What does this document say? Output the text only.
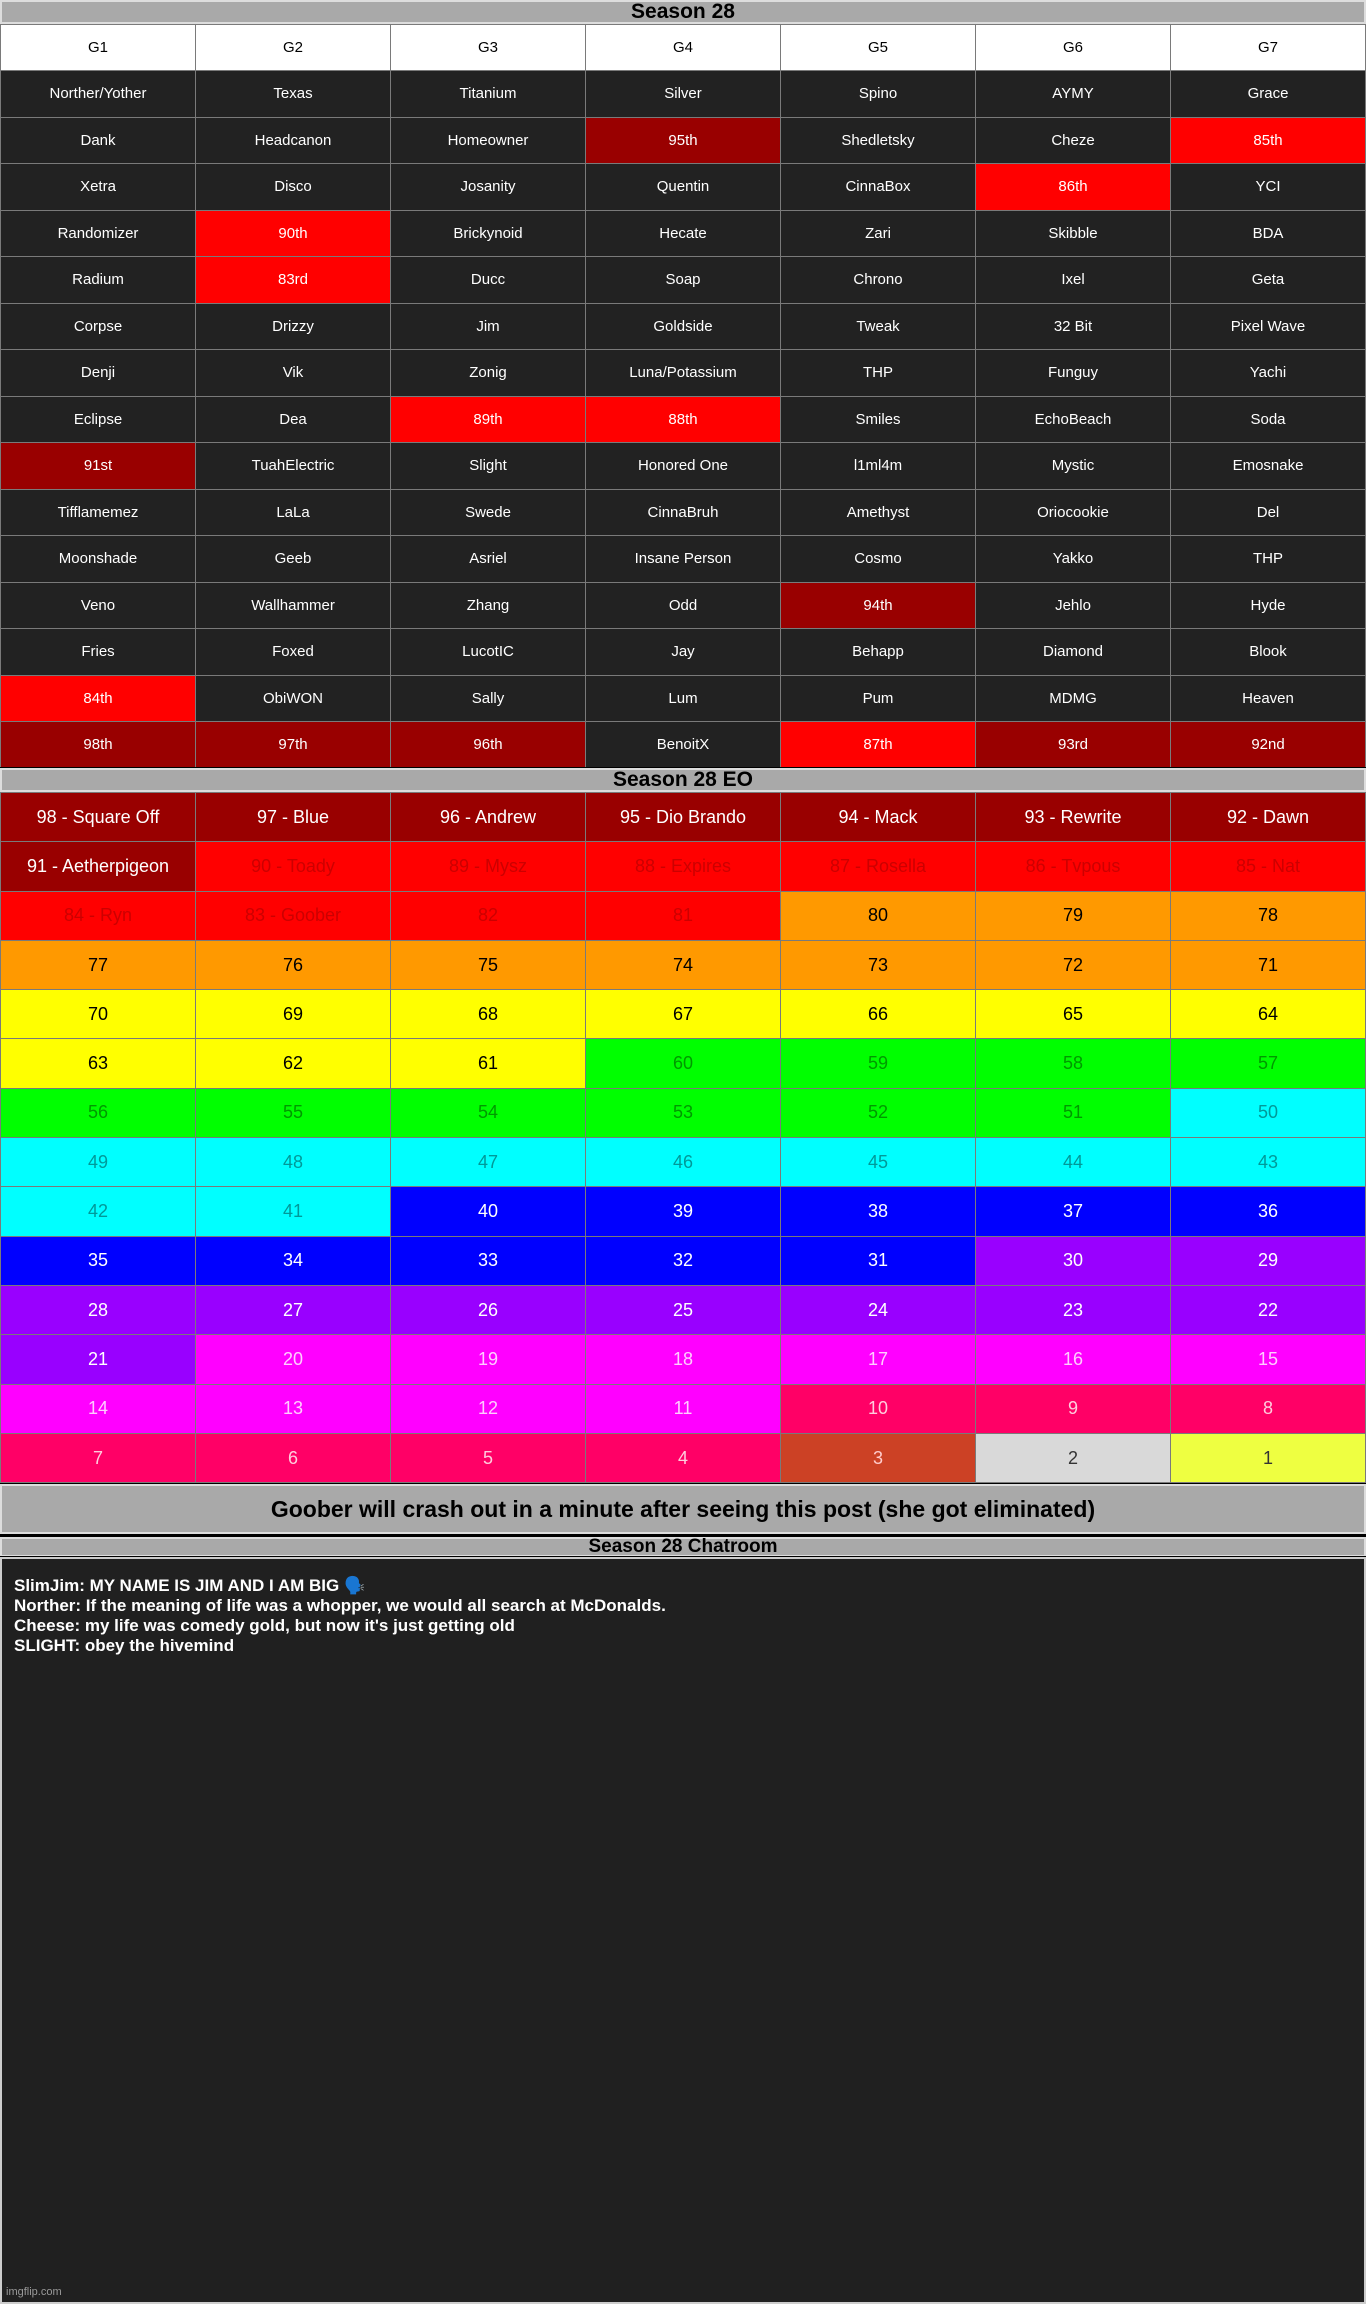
Season 28
G1	G2	G3	G4	G5	G6	G7
Norther/Yother	Texas	Titanium	Silver	Spino	AYMY	Grace
Dank	Headcanon	Homeowner	95th	Shedletsky	Cheze	85th
Xetra	Disco	Josanity	Quentin	CinnaBox	86th	YCI
Randomizer	90th	Brickynoid	Hecate	Zari	Skibble	BDA
Radium	83rd	Ducc	Soap	Chrono	Ixel	Geta
Corpse	Drizzy	Jim	Goldside	Tweak	32 Bit	Pixel Wave
Denji	Vik	Zonig	Luna/Potassium	THP	Funguy	Yachi
Eclipse	Dea	89th	88th	Smiles	EchoBeach	Soda
91st	TuahElectric	Slight	Honored One	l1ml4m	Mystic	Emosnake
Tifflamemez	LaLa	Swede	CinnaBruh	Amethyst	Oriocookie	Del
Moonshade	Geeb	Asriel	Insane Person	Cosmo	Yakko	THP
Veno	Wallhammer	Zhang	Odd	94th	Jehlo	Hyde
Fries	Foxed	LucotIC	Jay	Behapp	Diamond	Blook
84th	ObiWON	Sally	Lum	Pum	MDMG	Heaven
98th	97th	96th	BenoitX	87th	93rd	92nd
Season 28 EO
98 - Square Off	97 - Blue	96 - Andrew	95 - Dio Brando	94 - Mack	93 - Rewrite	92 - Dawn
91 - Aetherpigeon	90 - Toady	89 - Mysz	88 - Expires	87 - Rosella	86 - Tvpous	85 - Nat
84 - Ryn	83 - Goober	82	81	80	79	78
77	76	75	74	73	72	71
70	69	68	67	66	65	64
63	62	61	60	59	58	57
56	55	54	53	52	51	50
49	48	47	46	45	44	43
42	41	40	39	38	37	36
35	34	33	32	31	30	29
28	27	26	25	24	23	22
21	20	19	18	17	16	15
14	13	12	11	10	9	8
7	6	5	4	3	2	1
Goober will crash out in a minute after seeing this post (she got eliminated)
Season 28 Chatroom
SlimJim: MY NAME IS JIM AND I AM BIG 🗣️
Norther: If the meaning of life was a whopper, we would all search at McDonalds.
Cheese: my life was comedy gold, but now it's just getting old
SLIGHT: obey the hivemind
imgflip.com
